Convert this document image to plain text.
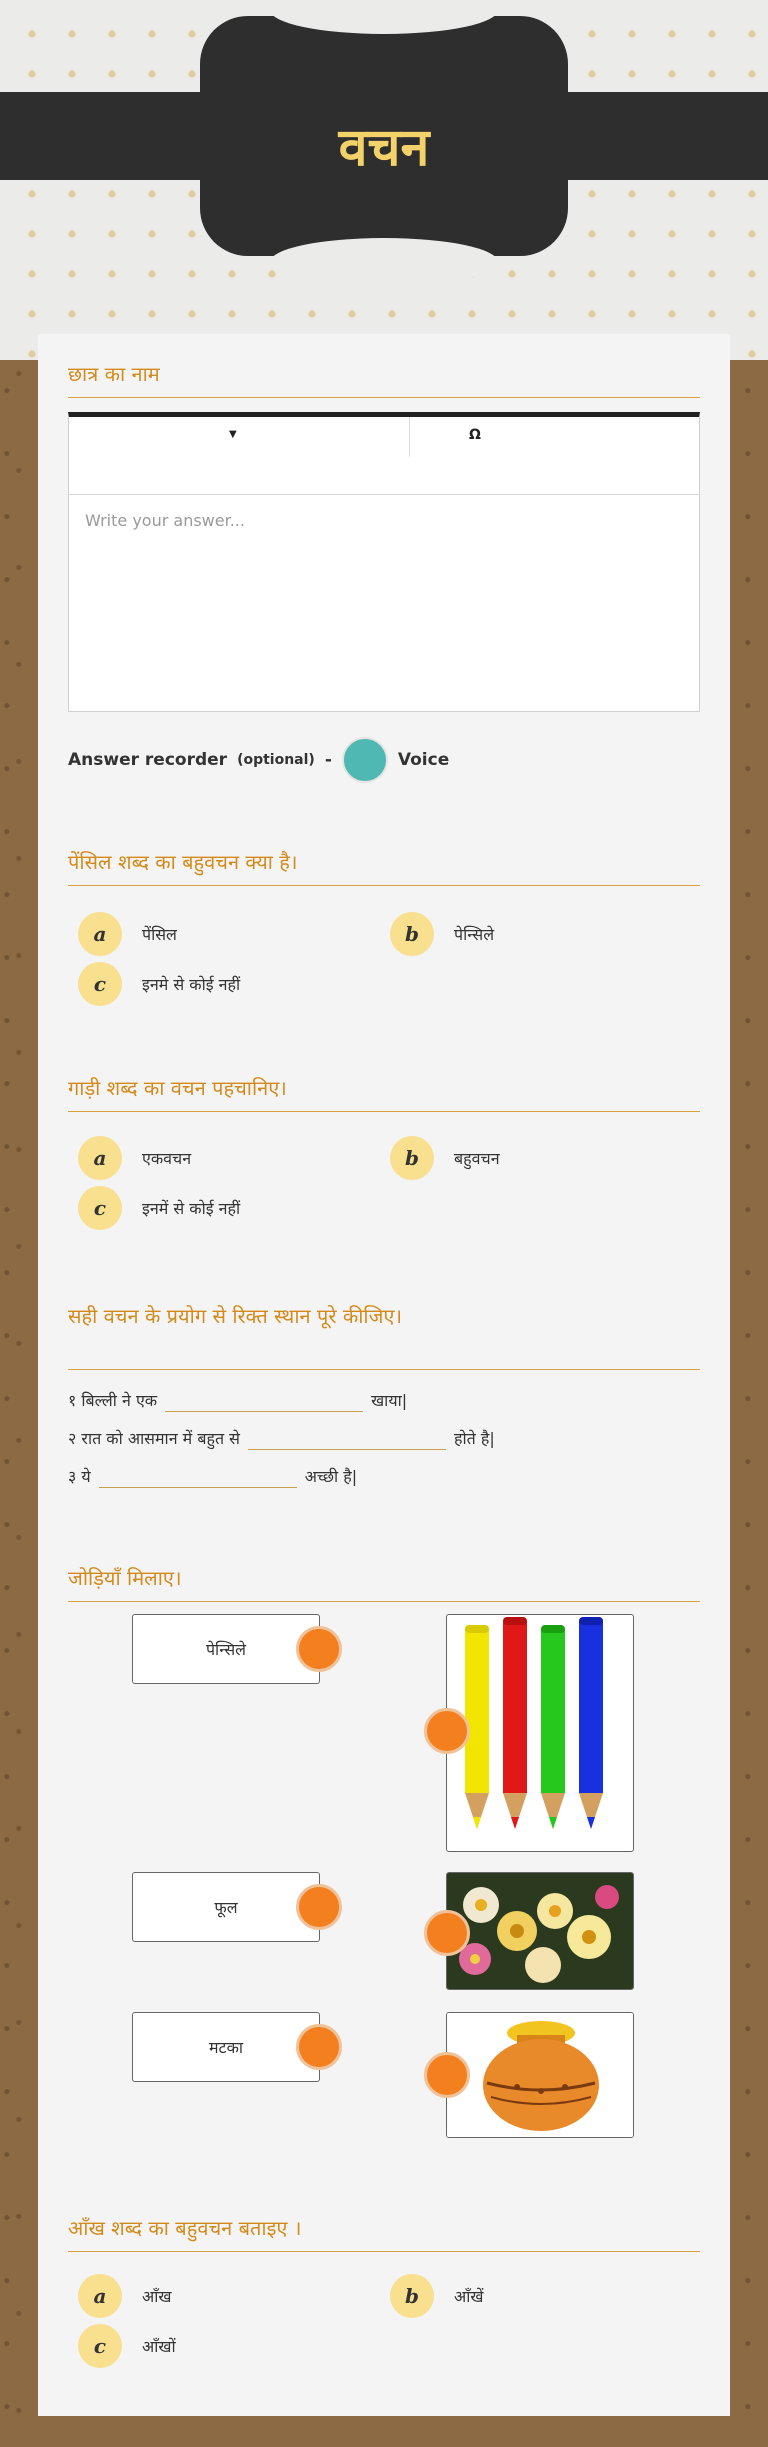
वचन
छात्र का नाम
▼	Ω
Write your answer...
Answer recorder (optional) -	Voice
पेंसिल शब्द का बहुवचन क्या है।
a	पेंसिल	b	पेन्सिले
c	इनमे से कोई नहीं
गाड़ी शब्द का वचन पहचानिए।
a	एकवचन	b	बहुवचन
c	इनमें से कोई नहीं
सही वचन के प्रयोग से रिक्त स्थान पूरे कीजिए।
१ बिल्ली ने एक	खाया|
२ रात को आसमान में बहुत से	होते है|
३ ये	अच्छी है|
जोड़ियाँ मिलाए।
पेन्सिले
फूल
मटका
आँख शब्द का बहुवचन बताइए ।
a	आँख	b	आँखें
c	आँखों
